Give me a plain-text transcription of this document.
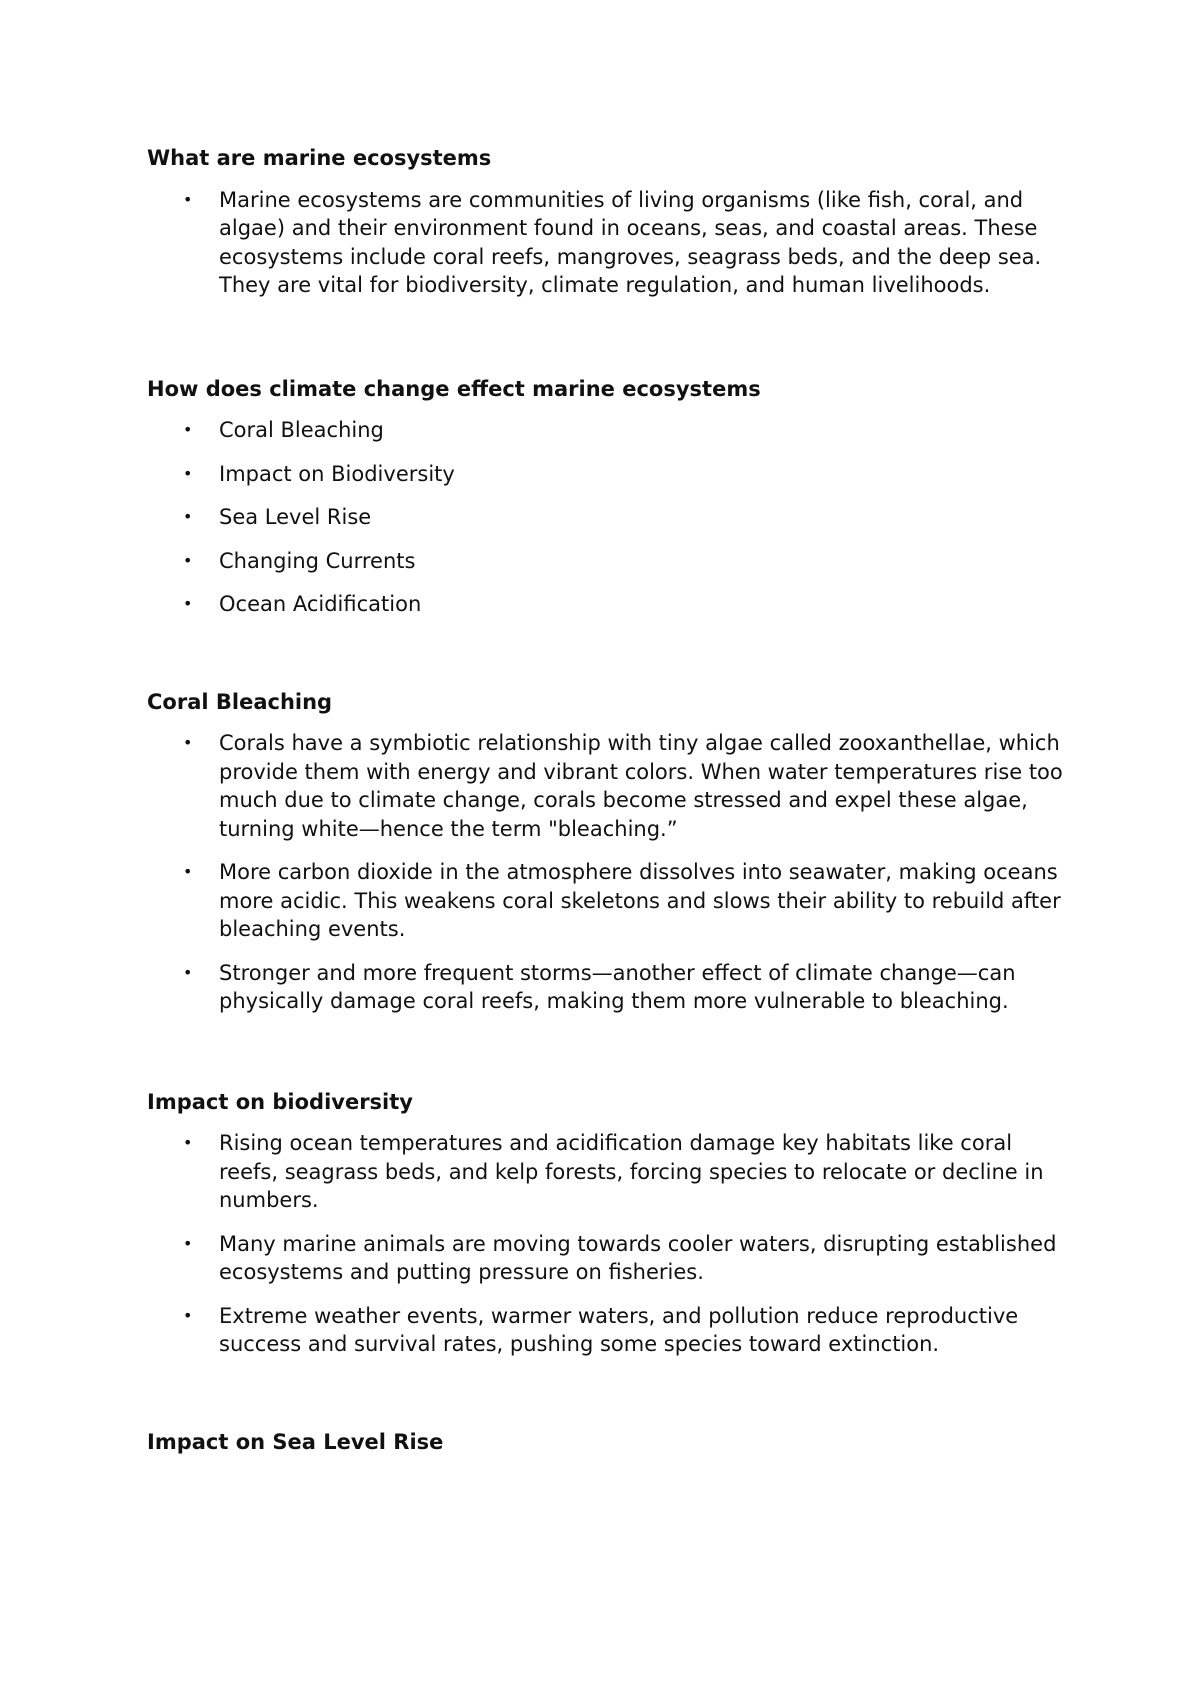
What are marine ecosystems
• Marine ecosystems are communities of living organisms (like fish, coral, and algae) and their environment found in oceans, seas, and coastal areas. These ecosystems include coral reefs, mangroves, seagrass beds, and the deep sea. They are vital for biodiversity, climate regulation, and human livelihoods.
How does climate change effect marine ecosystems
• Coral Bleaching
• Impact on Biodiversity
• Sea Level Rise
• Changing Currents
• Ocean Acidification
Coral Bleaching
• Corals have a symbiotic relationship with tiny algae called zooxanthellae, which provide them with energy and vibrant colors. When water temperatures rise too much due to climate change, corals become stressed and expel these algae, turning white—hence the term "bleaching.”
• More carbon dioxide in the atmosphere dissolves into seawater, making oceans more acidic. This weakens coral skeletons and slows their ability to rebuild after bleaching events.
• Stronger and more frequent storms—another effect of climate change—can physically damage coral reefs, making them more vulnerable to bleaching.
Impact on biodiversity
• Rising ocean temperatures and acidification damage key habitats like coral reefs, seagrass beds, and kelp forests, forcing species to relocate or decline in numbers.
• Many marine animals are moving towards cooler waters, disrupting established ecosystems and putting pressure on fisheries.
• Extreme weather events, warmer waters, and pollution reduce reproductive success and survival rates, pushing some species toward extinction.
Impact on Sea Level Rise
